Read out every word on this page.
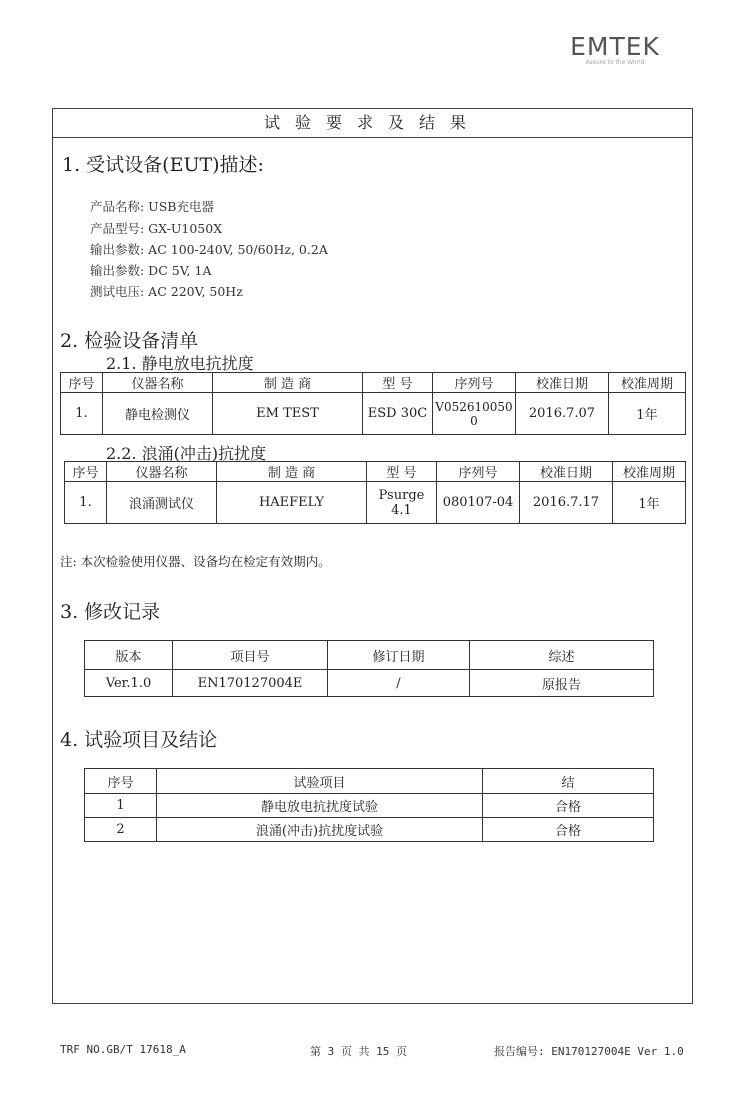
EMTEK
Assure to the World
试验要求及结果
1. 受试设备(EUT)描述:
产品名称: USB充电器
产品型号: GX-U1050X
输出参数: AC 100-240V, 50/60Hz, 0.2A
输出参数: DC 5V, 1A
测试电压: AC 220V, 50Hz
2. 检验设备清单
2.1. 静电放电抗扰度
序号	仪器名称	制 造 商	型 号	序列号	校准日期	校准周期
1.	静电检测仪	EM TEST	ESD 30C	V0526100500	2016.7.07	1年
2.2. 浪涌(冲击)抗扰度
序号	仪器名称	制 造 商	型 号	序列号	校准日期	校准周期
1.	浪涌测试仪	HAEFELY	Psurge 4.1	080107-04	2016.7.17	1年
注: 本次检验使用仪器、设备均在检定有效期内。
3. 修改记录
版本	项目号	修订日期	综述
Ver.1.0	EN170127004E	/	原报告
4. 试验项目及结论
序号	试验项目	结
1	静电放电抗扰度试验	合格
2	浪涌(冲击)抗扰度试验	合格
TRF NO.GB/T 17618_A	第 3 页 共 15 页	报告编号: EN170127004E Ver 1.0
